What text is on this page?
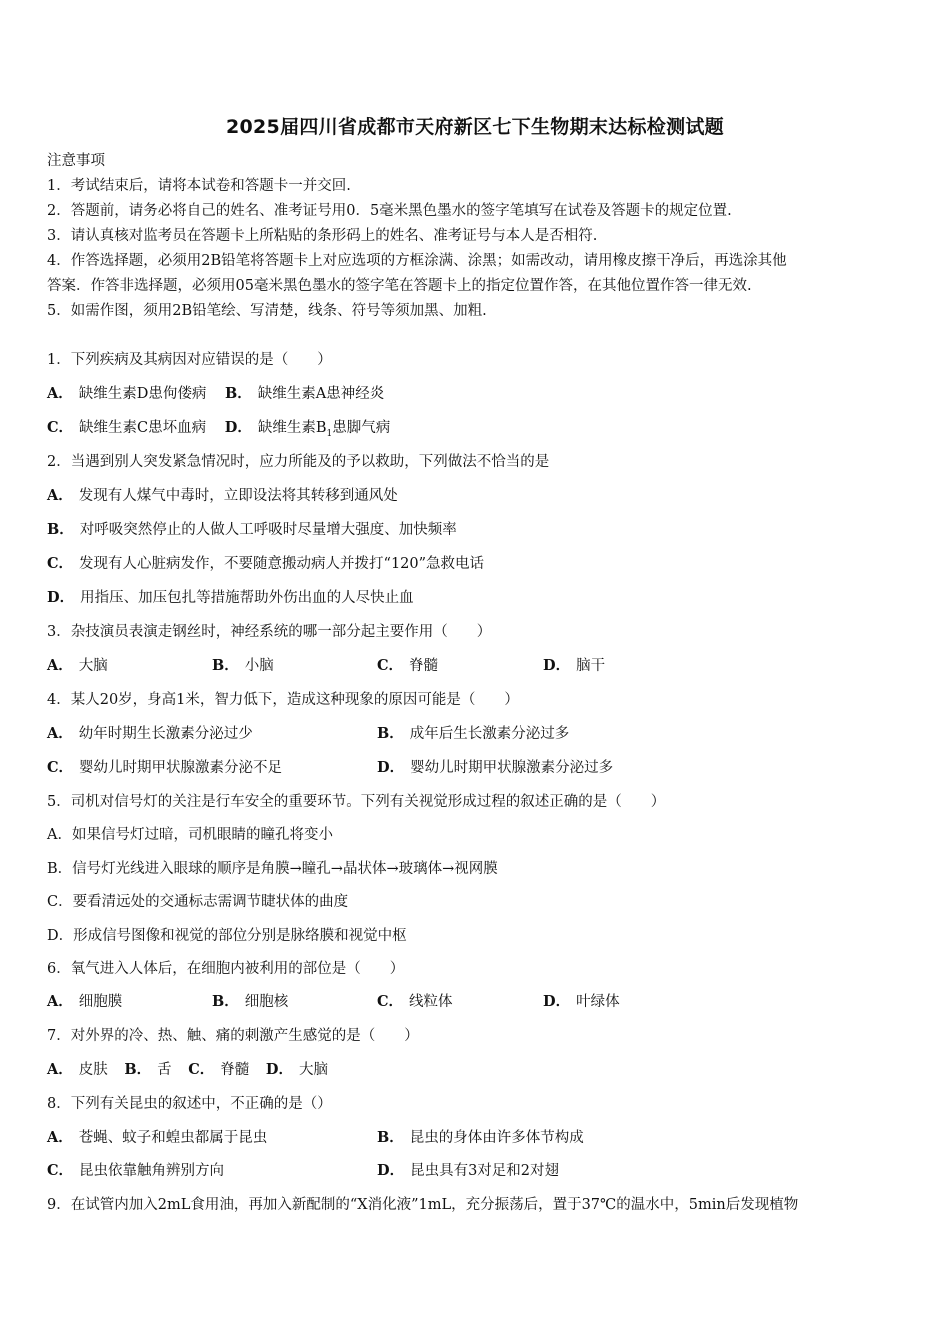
2025届四川省成都市天府新区七下生物期末达标检测试题
注意事项
1．考试结束后，请将本试卷和答题卡一并交回.
2．答题前，请务必将自己的姓名、准考证号用0．5毫米黑色墨水的签字笔填写在试卷及答题卡的规定位置.
3．请认真核对监考员在答题卡上所粘贴的条形码上的姓名、准考证号与本人是否相符.
4．作答选择题，必须用2B铅笔将答题卡上对应选项的方框涂满、涂黑；如需改动，请用橡皮擦干净后，再选涂其他
答案．作答非选择题，必须用05毫米黑色墨水的签字笔在答题卡上的指定位置作答，在其他位置作答一律无效.
5．如需作图，须用2B铅笔绘、写清楚，线条、符号等须加黑、加粗.
1．下列疾病及其病因对应错误的是（　　）
A． 缺维生素D患佝偻病 B． 缺维生素A患神经炎
C． 缺维生素C患坏血病 D． 缺维生素$B_1$患脚气病
2．当遇到别人突发紧急情况时，应力所能及的予以救助，下列做法不恰当的是
A． 发现有人煤气中毒时，立即设法将其转移到通风处
B． 对呼吸突然停止的人做人工呼吸时尽量增大强度、加快频率
C． 发现有人心脏病发作，不要随意搬动病人并拨打“120”急救电话
D． 用指压、加压包扎等措施帮助外伤出血的人尽快止血
3．杂技演员表演走钢丝时，神经系统的哪一部分起主要作用（　　）
A． 大脑	B． 小脑	C． 脊髓	D． 脑干
4．某人20岁，身高1米，智力低下，造成这种现象的原因可能是（　　）
A． 幼年时期生长激素分泌过少	B． 成年后生长激素分泌过多
C． 婴幼儿时期甲状腺激素分泌不足	D． 婴幼儿时期甲状腺激素分泌过多
5．司机对信号灯的关注是行车安全的重要环节。下列有关视觉形成过程的叙述正确的是（　　）
A．如果信号灯过暗，司机眼睛的瞳孔将变小
B．信号灯光线进入眼球的顺序是角膜→瞳孔→晶状体→玻璃体→视网膜
C．要看清远处的交通标志需调节睫状体的曲度
D．形成信号图像和视觉的部位分别是脉络膜和视觉中枢
6．氧气进入人体后，在细胞内被利用的部位是（　　）
A． 细胞膜	B． 细胞核	C． 线粒体	D． 叶绿体
7．对外界的冷、热、触、痛的刺激产生感觉的是（　　）
A． 皮肤 B． 舌 C． 脊髓 D． 大脑
8．下列有关昆虫的叙述中，不正确的是（）
A． 苍蝇、蚊子和蝗虫都属于昆虫	B． 昆虫的身体由许多体节构成
C． 昆虫依靠触角辨别方向	D． 昆虫具有3对足和2对翅
9．在试管内加入2mL食用油，再加入新配制的“X消化液”1mL，充分振荡后，置于37℃的温水中，5min后发现植物
